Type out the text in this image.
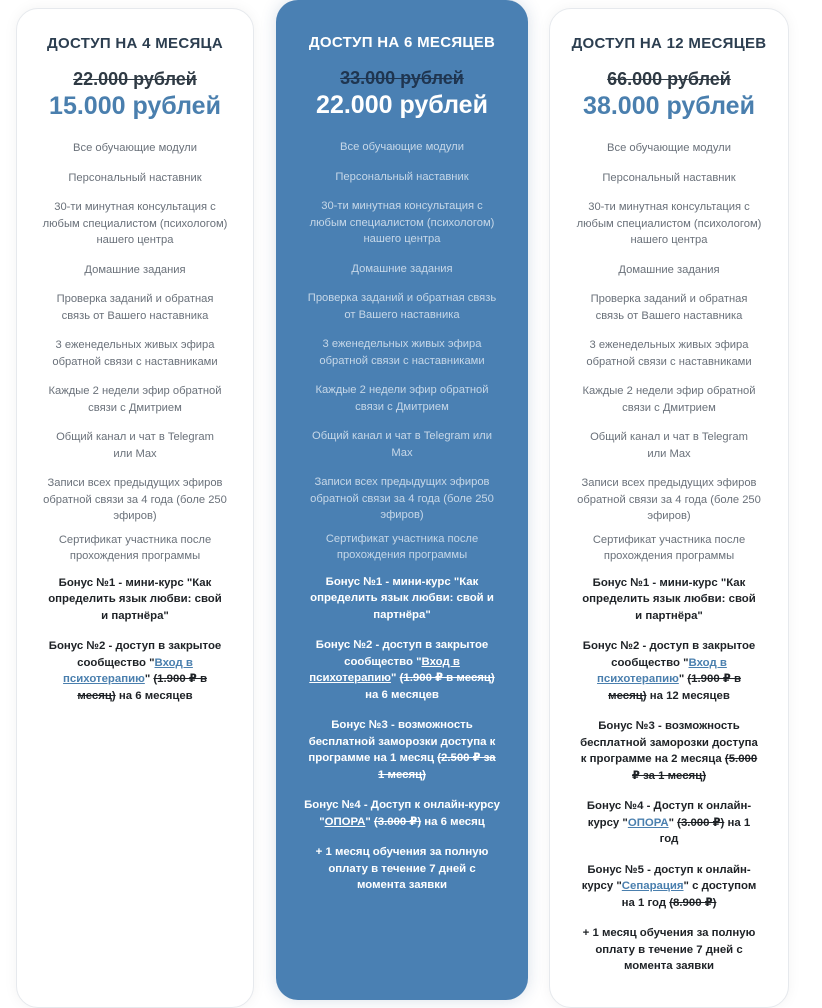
ДОСТУП НА 4 МЕСЯЦА
22.000 рублей
15.000 рублей
Все обучающие модули
Персональный наставник
30-ти минутная консультация с любым специалистом (психологом) нашего центра
Домашние задания
Проверка заданий и обратная связь от Вашего наставника
3 еженедельных живых эфира обратной связи с наставниками
Каждые 2 недели эфир обратной связи с Дмитрием
Общий канал и чат в Telegram или Max
Записи всех предыдущих эфиров обратной связи за 4 года (боле 250 эфиров)
Сертификат участника после прохождения программы
Бонус №1 - мини-курс "Как определить язык любви: свой и партнёра"
Бонус №2 - доступ в закрытое сообщество "Вход в психотерапию" (1.900 ₽ в месяц) на 6 месяцев
ДОСТУП НА 6 МЕСЯЦЕВ
33.000 рублей
22.000 рублей
Все обучающие модули
Персональный наставник
30-ти минутная консультация с любым специалистом (психологом) нашего центра
Домашние задания
Проверка заданий и обратная связь от Вашего наставника
3 еженедельных живых эфира обратной связи с наставниками
Каждые 2 недели эфир обратной связи с Дмитрием
Общий канал и чат в Telegram или Max
Записи всех предыдущих эфиров обратной связи за 4 года (боле 250 эфиров)
Сертификат участника после прохождения программы
Бонус №1 - мини-курс "Как определить язык любви: свой и партнёра"
Бонус №2 - доступ в закрытое сообщество "Вход в психотерапию" (1.900 ₽ в месяц) на 6 месяцев
Бонус №3 - возможность бесплатной заморозки доступа к программе на 1 месяц (2.500 ₽ за 1 месяц)
Бонус №4 - Доступ к онлайн-курсу "ОПОРА" (3.000 ₽) на 6 месяц
+ 1 месяц обучения за полную оплату в течение 7 дней с момента заявки
ДОСТУП НА 12 МЕСЯЦЕВ
66.000 рублей
38.000 рублей
Все обучающие модули
Персональный наставник
30-ти минутная консультация с любым специалистом (психологом) нашего центра
Домашние задания
Проверка заданий и обратная связь от Вашего наставника
3 еженедельных живых эфира обратной связи с наставниками
Каждые 2 недели эфир обратной связи с Дмитрием
Общий канал и чат в Telegram или Max
Записи всех предыдущих эфиров обратной связи за 4 года (боле 250 эфиров)
Сертификат участника после прохождения программы
Бонус №1 - мини-курс "Как определить язык любви: свой и партнёра"
Бонус №2 - доступ в закрытое сообщество "Вход в психотерапию" (1.900 ₽ в месяц) на 12 месяцев
Бонус №3 - возможность бесплатной заморозки доступа к программе на 2 месяца (5.000 ₽ за 1 месяц)
Бонус №4 - Доступ к онлайн-курсу "ОПОРА" (3.000 ₽) на 1 год
Бонус №5 - доступ к онлайн-курсу "Сепарация" с доступом на 1 год (8.900 ₽)
+ 1 месяц обучения за полную оплату в течение 7 дней с момента заявки
